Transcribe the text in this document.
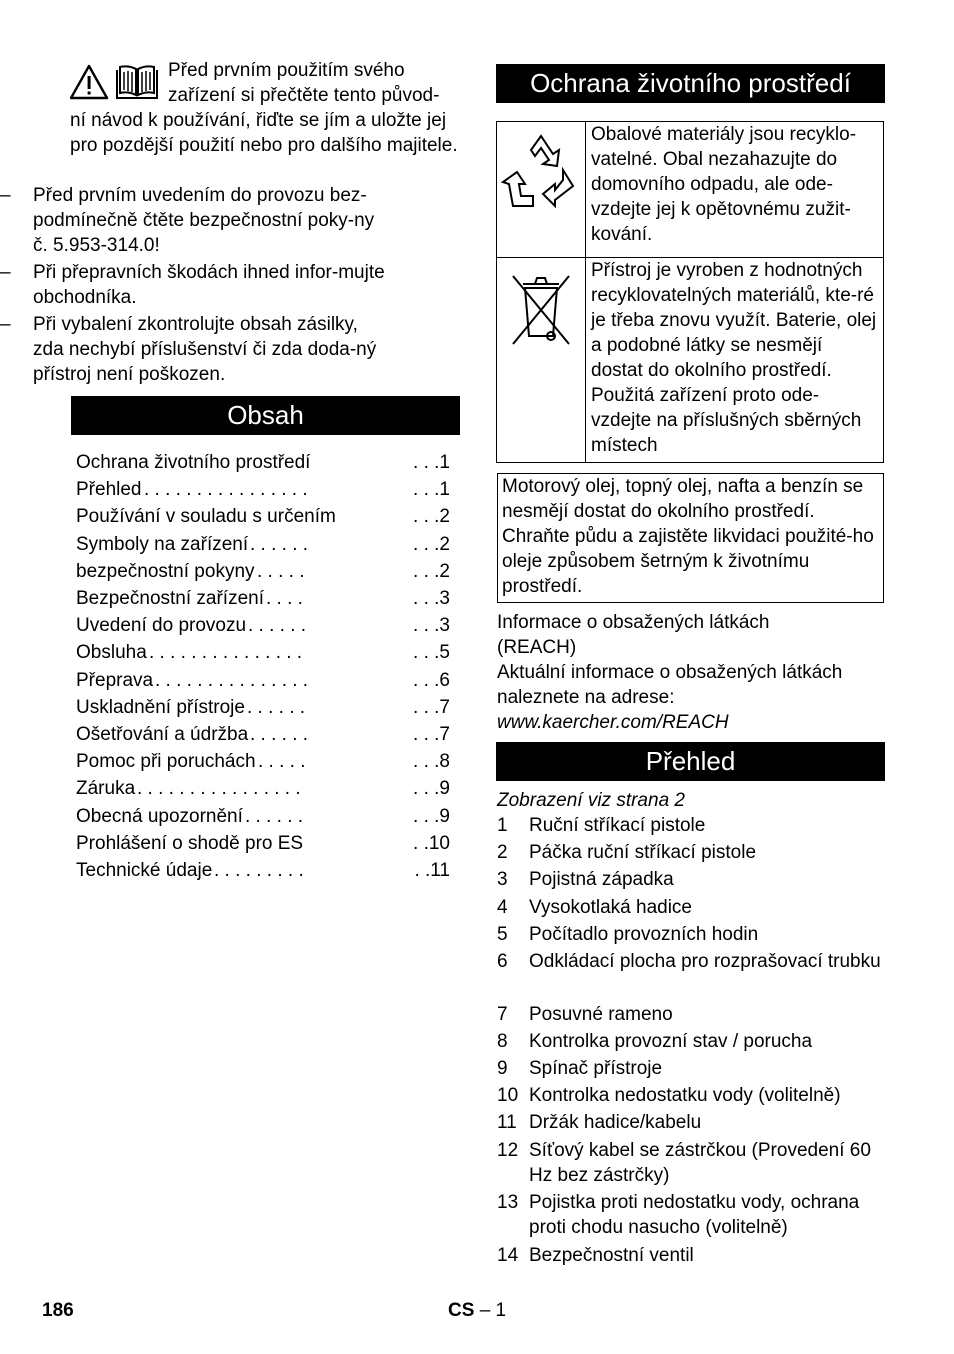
Před prvním použitím svého
zařízení si přečtěte tento původ-
ní návod k používání, řiďte se jím a uložte jej pro pozdější použití nebo pro dalšího majitele.
– Před prvním uvedením do provozu bez-podmínečně čtěte bezpečnostní poky-ny č. 5.953-314.0!
– Při přepravních škodách ihned infor-mujte obchodníka.
– Při vybalení zkontrolujte obsah zásilky, zda nechybí příslušenství či zda doda-ný přístroj není poškozen.
Obsah
Ochrana životního prostředí	. . .1
Přehled . . . . . . . . . . . . . . . .	. . .1
Používání v souladu s určením	. . .2
Symboly na zařízení . . . . . .	. . .2
bezpečnostní pokyny . . . . .	. . .2
Bezpečnostní zařízení . . . .	. . .3
Uvedení do provozu . . . . . .	. . .3
Obsluha . . . . . . . . . . . . . . .	. . .5
Přeprava . . . . . . . . . . . . . . .	. . .6
Uskladnění přístroje . . . . . .	. . .7
Ošetřování a údržba . . . . . .	. . .7
Pomoc při poruchách . . . . .	. . .8
Záruka . . . . . . . . . . . . . . . .	. . .9
Obecná upozornění . . . . . .	. . .9
Prohlášení o shodě pro ES	. .10
Technické údaje . . . . . . . . .	. .11
Ochrana životního prostředí
	Obalové materiály jsou recyklo-vatelné. Obal nezahazujte do domovního odpadu, ale ode-vzdejte jej k opětovnému zužit-kování.
	Přístroj je vyroben z hodnotných recyklovatelných materiálů, kte-ré je třeba znovu využít. Baterie, olej a podobné látky se nesmějí dostat do okolního prostředí. Použitá zařízení proto ode-vzdejte na příslušných sběrných místech
Motorový olej, topný olej, nafta a benzín se nesmějí dostat do okolního prostředí. Chraňte půdu a zajistěte likvidaci použité-ho oleje způsobem šetrným k životnímu prostředí.
Informace o obsažených látkách
(REACH)
Aktuální informace o obsažených látkách
naleznete na adrese:
www.kaercher.com/REACH
Přehled
Zobrazení viz strana 2
1 Ruční stříkací pistole
2 Páčka ruční stříkací pistole
3 Pojistná západka
4 Vysokotlaká hadice
5 Počítadlo provozních hodin
6 Odkládací plocha pro rozprašovací trubku
7 Posuvné rameno
8 Kontrolka provozní stav / porucha
9 Spínač přístroje
10 Kontrolka nedostatku vody (volitelně)
11 Držák hadice/kabelu
12 Síťový kabel se zástrčkou (Provedení 60 Hz bez zástrčky)
13 Pojistka proti nedostatku vody, ochrana proti chodu nasucho (volitelně)
14 Bezpečnostní ventil
186	CS – 1
